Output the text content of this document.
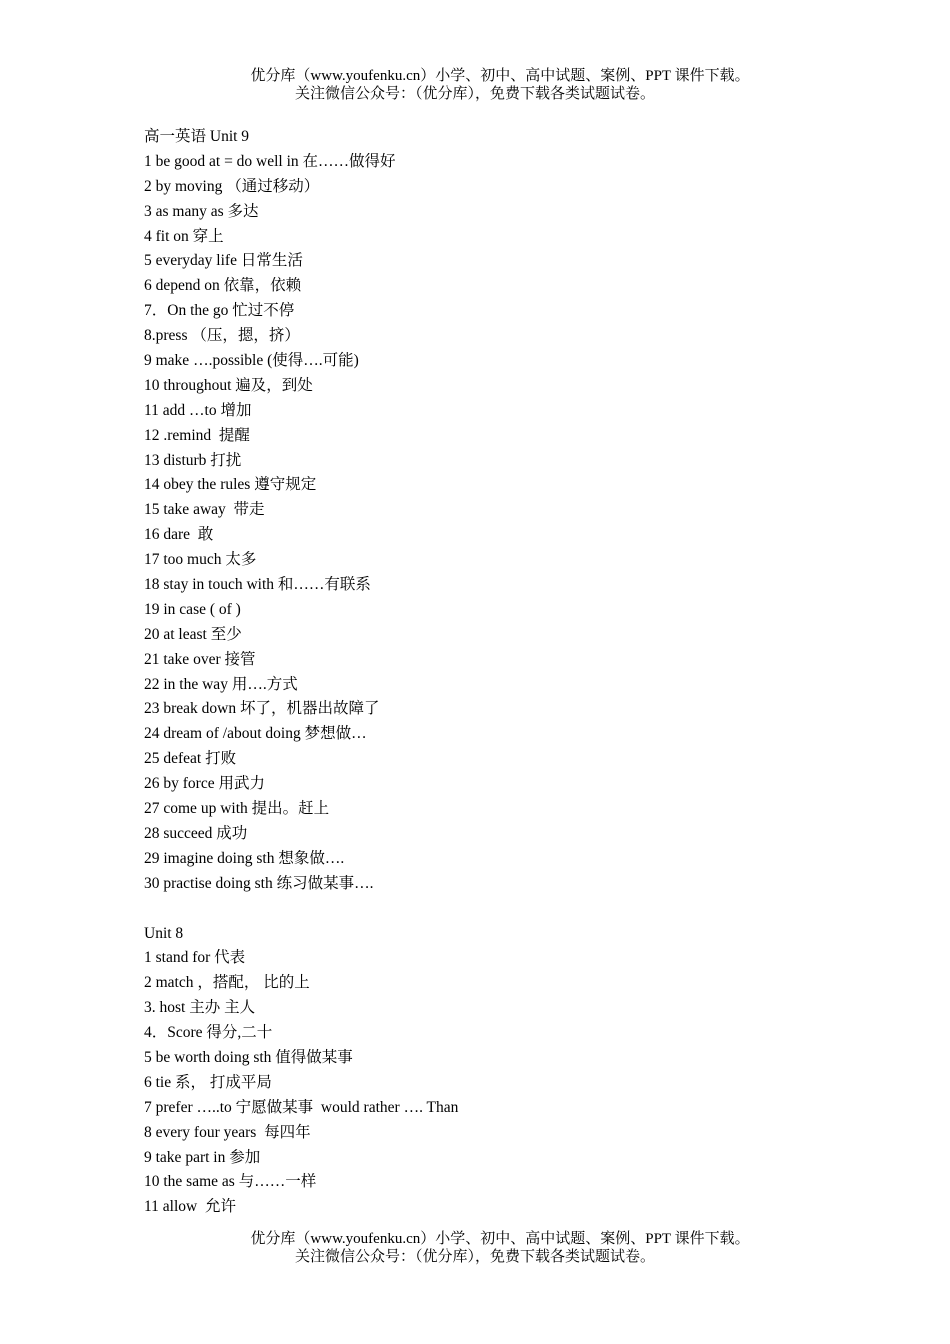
优分库（www.youfenku.cn）小学、初中、高中试题、案例、PPT 课件下载。
关注微信公众号：（优分库），免费下载各类试题试卷。
高一英语 Unit 9
1 be good at = do well in 在……做得好
2 by moving （通过移动）
3 as many as 多达
4 fit on 穿上
5 everyday life 日常生活
6 depend on 依靠，依赖
7．On the go 忙过不停
8.press （压，摁，挤）
9 make ….possible (使得….可能)
10 throughout 遍及，到处
11 add …to 增加
12 .remind  提醒
13 disturb 打扰
14 obey the rules 遵守规定
15 take away  带走
16 dare  敢
17 too much 太多
18 stay in touch with 和……有联系
19 in case ( of )
20 at least 至少
21 take over 接管
22 in the way 用….方式
23 break down 坏了，机器出故障了
24 dream of /about doing 梦想做…
25 defeat 打败
26 by force 用武力
27 come up with 提出。赶上
28 succeed 成功
29 imagine doing sth 想象做….
30 practise doing sth 练习做某事….
Unit 8
1 stand for 代表
2 match ，搭配， 比的上
3. host 主办 主人
4．Score 得分,二十
5 be worth doing sth 值得做某事
6 tie 系， 打成平局
7 prefer …..to 宁愿做某事  would rather …. Than
8 every four years  每四年
9 take part in 参加
10 the same as 与……一样
11 allow  允许
优分库（www.youfenku.cn）小学、初中、高中试题、案例、PPT 课件下载。
关注微信公众号：（优分库），免费下载各类试题试卷。
